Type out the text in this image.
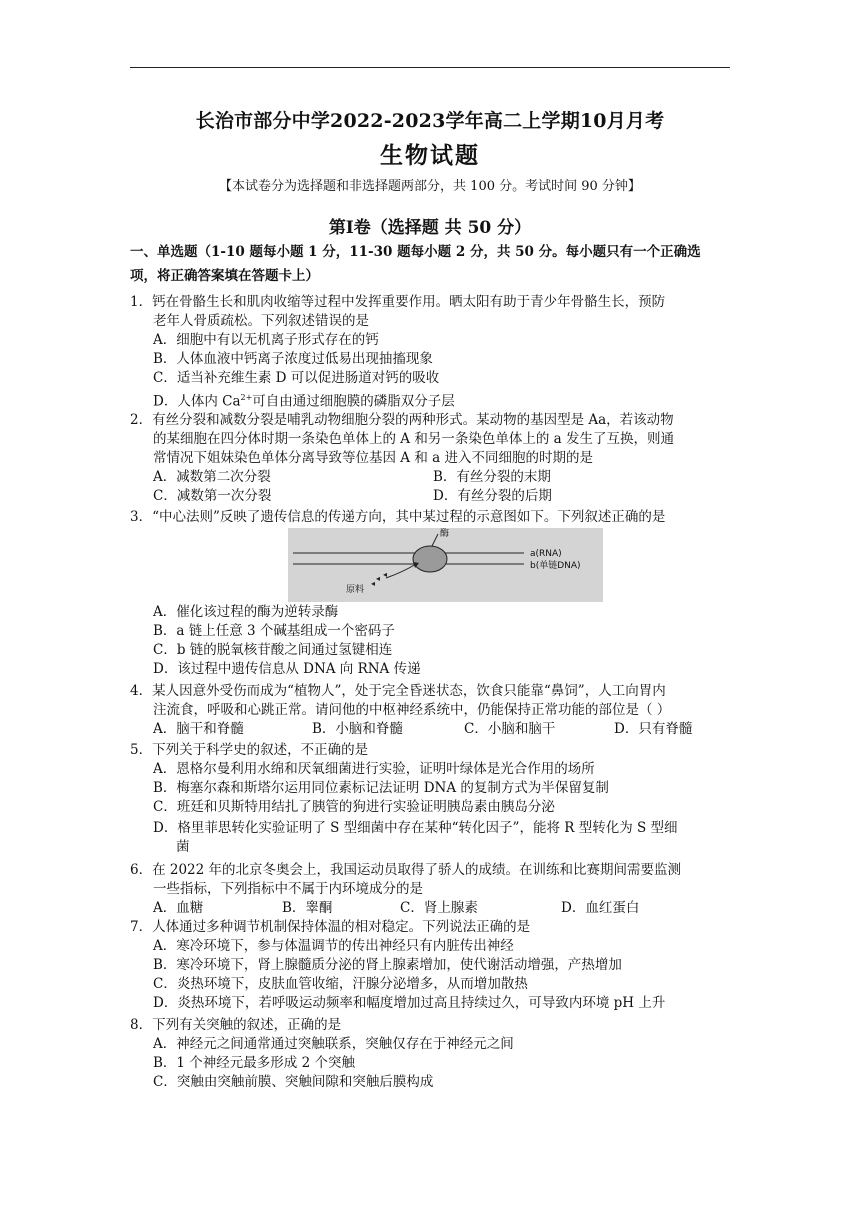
长治市部分中学2022-2023学年高二上学期10月月考
生物试题
【本试卷分为选择题和非选择题两部分，共 100 分。考试时间 90 分钟】
第Ⅰ卷（选择题 共 50 分）
一、单选题（1-10 题每小题 1 分，11-30 题每小题 2 分，共 50 分。每小题只有一个正确选
项，将正确答案填在答题卡上）
1．钙在骨骼生长和肌肉收缩等过程中发挥重要作用。晒太阳有助于青少年骨骼生长，预防
老年人骨质疏松。下列叙述错误的是
A．细胞中有以无机离子形式存在的钙
B．人体血液中钙离子浓度过低易出现抽搐现象
C．适当补充维生素 D 可以促进肠道对钙的吸收
D．人体内 $Ca^{2+}$可自由通过细胞膜的磷脂双分子层
2．有丝分裂和减数分裂是哺乳动物细胞分裂的两种形式。某动物的基因型是 Aa，若该动物
的某细胞在四分体时期一条染色单体上的 A 和另一条染色单体上的 a 发生了互换，则通
常情况下姐妹染色单体分离导致等位基因 A 和 a 进入不同细胞的时期的是
A．减数第二次分裂	B．有丝分裂的末期
C．减数第一次分裂	D．有丝分裂的后期
3．“中心法则”反映了遗传信息的传递方向，其中某过程的示意图如下。下列叙述正确的是
酶
a(RNA)
b(单链DNA)
◂
◂
◂
原料
A．催化该过程的酶为逆转录酶
B．a 链上任意 3 个碱基组成一个密码子
C．b 链的脱氧核苷酸之间通过氢键相连
D．该过程中遗传信息从 DNA 向 RNA 传递
4．某人因意外受伤而成为“植物人”，处于完全昏迷状态，饮食只能靠“鼻饲”，人工向胃内
注流食，呼吸和心跳正常。请问他的中枢神经系统中，仍能保持正常功能的部位是（ ）
A．脑干和脊髓	B．小脑和脊髓	C．小脑和脑干	D．只有脊髓
5．下列关于科学史的叙述，不正确的是
A．恩格尔曼利用水绵和厌氧细菌进行实验，证明叶绿体是光合作用的场所
B．梅塞尔森和斯塔尔运用同位素标记法证明 DNA 的复制方式为半保留复制
C．班廷和贝斯特用结扎了胰管的狗进行实验证明胰岛素由胰岛分泌
D．格里菲思转化实验证明了 S 型细菌中存在某种“转化因子”，能将 R 型转化为 S 型细
菌
6．在 2022 年的北京冬奥会上，我国运动员取得了骄人的成绩。在训练和比赛期间需要监测
一些指标，下列指标中不属于内环境成分的是
A．血糖	B．睾酮	C．肾上腺素	D．血红蛋白
7．人体通过多种调节机制保持体温的相对稳定。下列说法正确的是
A．寒冷环境下，参与体温调节的传出神经只有内脏传出神经
B．寒冷环境下，肾上腺髓质分泌的肾上腺素增加，使代谢活动增强，产热增加
C．炎热环境下，皮肤血管收缩，汗腺分泌增多，从而增加散热
D．炎热环境下，若呼吸运动频率和幅度增加过高且持续过久，可导致内环境 pH 上升
8．下列有关突触的叙述，正确的是
A．神经元之间通常通过突触联系，突触仅存在于神经元之间
B．1 个神经元最多形成 2 个突触
C．突触由突触前膜、突触间隙和突触后膜构成
